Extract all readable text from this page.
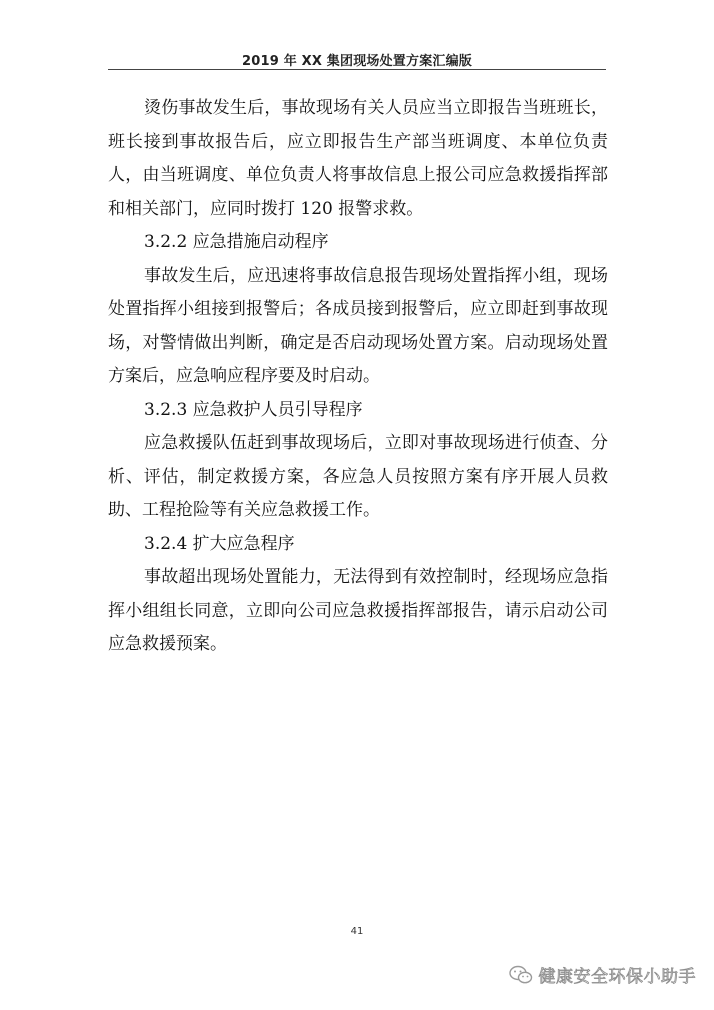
2019 年 XX 集团现场处置方案汇编版

烫伤事故发生后，事故现场有关人员应当立即报告当班班长，班长接到事故报告后，应立即报告生产部当班调度、本单位负责人，由当班调度、单位负责人将事故信息上报公司应急救援指挥部和相关部门，应同时拨打 120 报警求救。

3.2.2 应急措施启动程序

事故发生后，应迅速将事故信息报告现场处置指挥小组，现场处置指挥小组接到报警后；各成员接到报警后，应立即赶到事故现场，对警情做出判断，确定是否启动现场处置方案。启动现场处置方案后，应急响应程序要及时启动。

3.2.3 应急救护人员引导程序

应急救援队伍赶到事故现场后，立即对事故现场进行侦查、分析、评估，制定救援方案，各应急人员按照方案有序开展人员救助、工程抢险等有关应急救援工作。

3.2.4 扩大应急程序

事故超出现场处置能力，无法得到有效控制时，经现场应急指挥小组组长同意，立即向公司应急救援指挥部报告，请示启动公司应急救援预案。

41
健康安全环保小助手
